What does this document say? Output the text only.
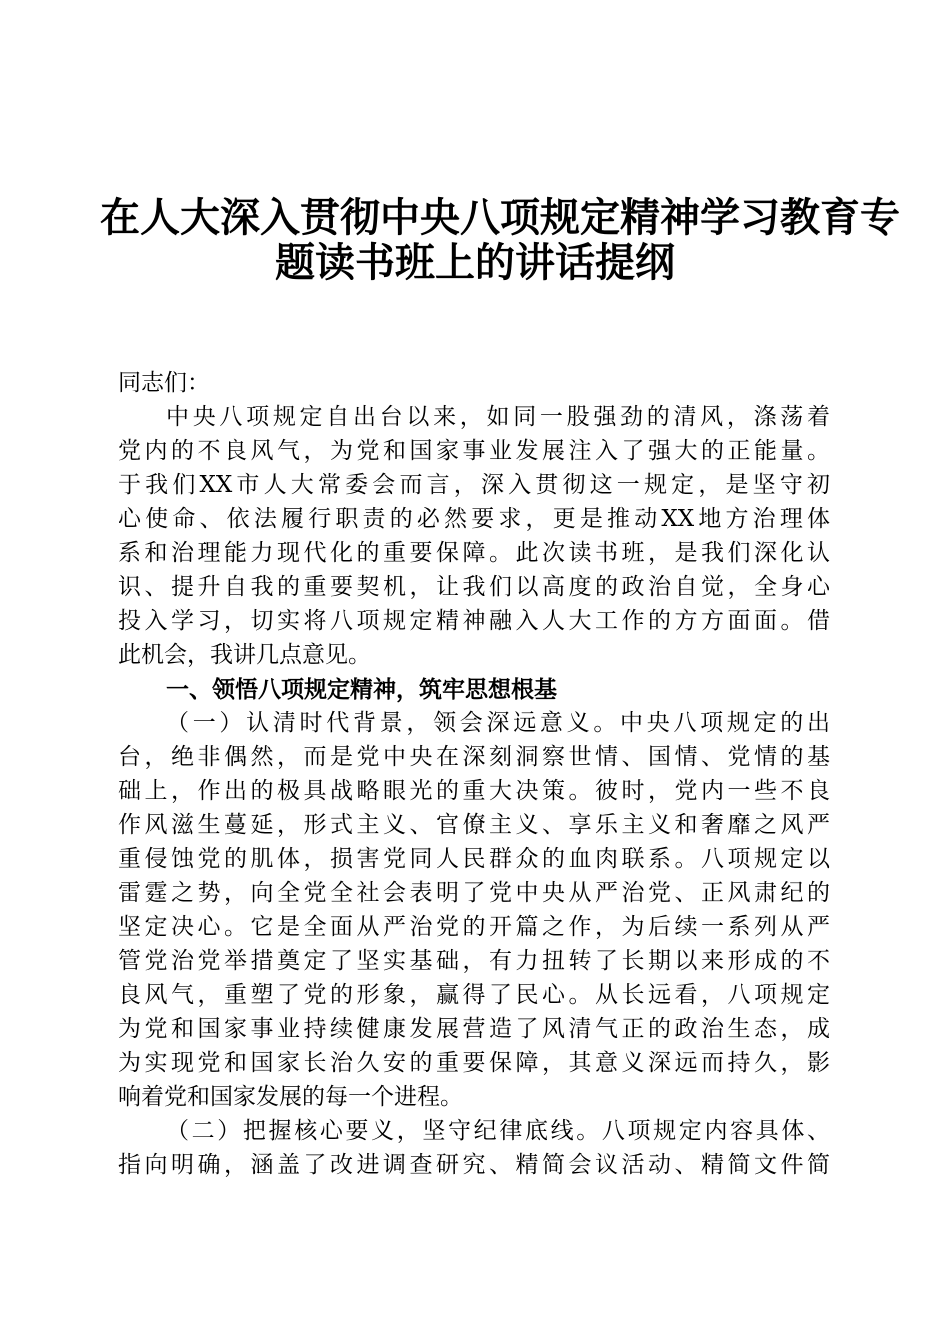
在人大深入贯彻中央八项规定精神学习教育专
题读书班上的讲话提纲
同志们：
中央八项规定自出台以来，如同一股强劲的清风，涤荡着
党内的不良风气，为党和国家事业发展注入了强大的正能量。
于我们XX市人大常委会而言，深入贯彻这一规定，是坚守初
心使命、依法履行职责的必然要求，更是推动XX地方治理体
系和治理能力现代化的重要保障。此次读书班，是我们深化认
识、提升自我的重要契机，让我们以高度的政治自觉，全身心
投入学习，切实将八项规定精神融入人大工作的方方面面。借
此机会，我讲几点意见。
一、领悟八项规定精神，筑牢思想根基
（一）认清时代背景，领会深远意义。中央八项规定的出
台，绝非偶然，而是党中央在深刻洞察世情、国情、党情的基
础上，作出的极具战略眼光的重大决策。彼时，党内一些不良
作风滋生蔓延，形式主义、官僚主义、享乐主义和奢靡之风严
重侵蚀党的肌体，损害党同人民群众的血肉联系。八项规定以
雷霆之势，向全党全社会表明了党中央从严治党、正风肃纪的
坚定决心。它是全面从严治党的开篇之作，为后续一系列从严
管党治党举措奠定了坚实基础，有力扭转了长期以来形成的不
良风气，重塑了党的形象，赢得了民心。从长远看，八项规定
为党和国家事业持续健康发展营造了风清气正的政治生态，成
为实现党和国家长治久安的重要保障，其意义深远而持久，影
响着党和国家发展的每一个进程。
（二）把握核心要义，坚守纪律底线。八项规定内容具体、
指向明确，涵盖了改进调查研究、精简会议活动、精简文件简
